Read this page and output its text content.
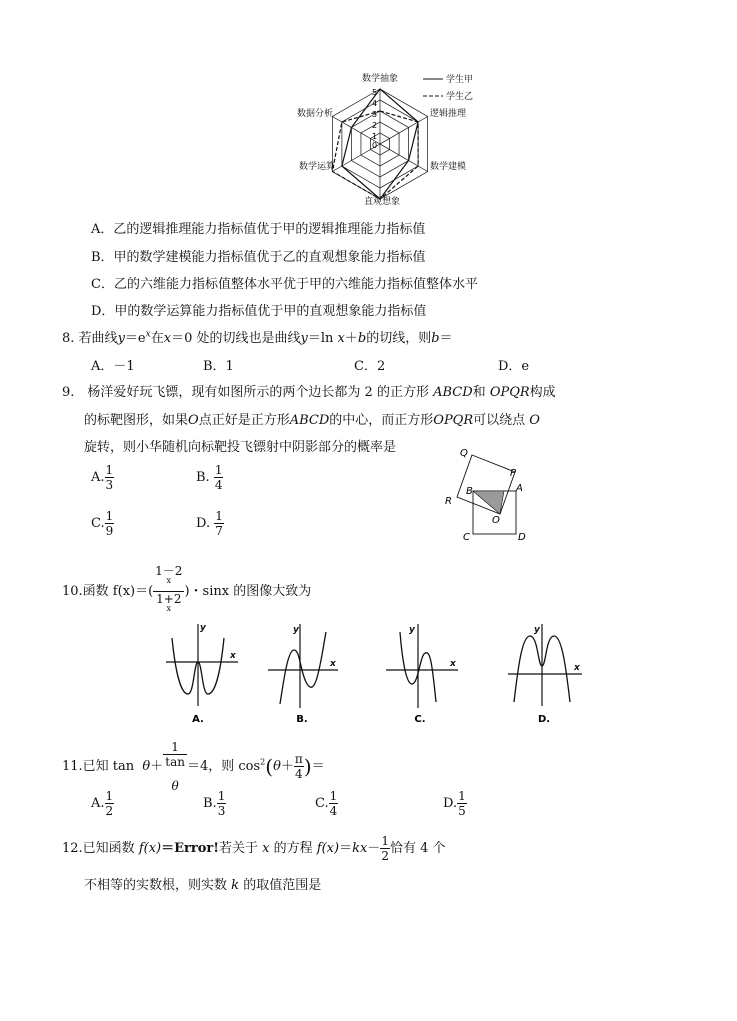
数学抽象
逻辑推理
数学建模
直观想象
数学运算
数据分析
5
4
3
2
1
0
学生甲
学生乙
A．乙的逻辑推理能力指标值优于甲的逻辑推理能力指标值
B．甲的数学建模能力指标值优于乙的直观想象能力指标值
C．乙的六维能力指标值整体水平优于甲的六维能力指标值整体水平
D．甲的数学运算能力指标值优于甲的直观想象能力指标值
8. 若曲线$y=e^x$在x＝0 处的切线也是曲线y＝ln x＋b的切线，则b＝
A．－1	B．1	C．2	D．e
9.　杨洋爱好玩飞镖，现有如图所示的两个边长都为 2 的正方形 ABCD和 OPQR构成
的标靶图形，如果O点正好是正方形ABCD的中心，而正方形OPQR可以绕点 O
旋转，则小华随机向标靶投飞镖射中阴影部分的概率是
A. $\frac{1}{3}$	B. $\frac{1}{4}$
C. $\frac{1}{9}$	D. $\frac{1}{7}$
Q
P
A
B
R
O
C	D
10.函数 f(x)＝( 1－2
$^x$
1+2
$^x$ )・sinx 的图像大致为
y
x
A.
y
x
B.
y
x
C.
y
x
D.
11.已知 tan θ＋ 1
tan

θ ＝4，则 $\cos^2(\theta+ \frac{\pi}{4}$ )＝
A. $\frac{1}{2}$	B. $\frac{1}{3}$	C. $\frac{1}{4}$	D. $\frac{1}{5}$
12.已知函数 f(x)＝Error!若关于 x 的方程 $f(x)=kx- \frac{1}{2}$ 恰有 4 个
不相等的实数根，则实数 k 的取值范围是
